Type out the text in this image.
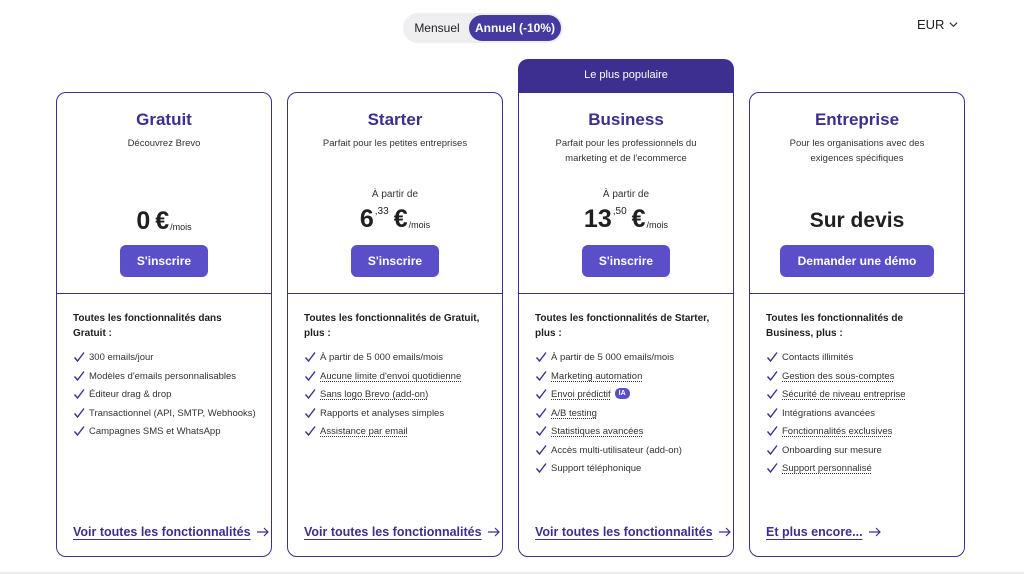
Mensuel	Annuel (-10%)	EUR
Le plus populaire
Gratuit
Découvrez Brevo
0 € /mois
S'inscrire
Toutes les fonctionnalités dans Gratuit :
300 emails/jour
Modèles d'emails personnalisables
Éditeur drag & drop
Transactionnel (API, SMTP, Webhooks)
Campagnes SMS et WhatsApp
Voir toutes les fonctionnalités
Starter
Parfait pour les petites entreprises
À partir de
6 ,33 € /mois
S'inscrire
Toutes les fonctionnalités de Gratuit, plus :
À partir de 5 000 emails/mois
Aucune limite d'envoi quotidienne
Sans logo Brevo (add-on)
Rapports et analyses simples
Assistance par email
Voir toutes les fonctionnalités
Business
Parfait pour les professionnels du marketing et de l'ecommerce
À partir de
13 ,50 € /mois
S'inscrire
Toutes les fonctionnalités de Starter, plus :
À partir de 5 000 emails/mois
Marketing automation
Envoi prédictif	IA
A/B testing
Statistiques avancées
Accès multi-utilisateur (add-on)
Support téléphonique
Voir toutes les fonctionnalités
Entreprise
Pour les organisations avec des exigences spécifiques
Sur devis
Demander une démo
Toutes les fonctionnalités de Business, plus :
Contacts illimités
Gestion des sous-comptes
Sécurité de niveau entreprise
Intégrations avancées
Fonctionnalités exclusives
Onboarding sur mesure
Support personnalisé
Et plus encore...
